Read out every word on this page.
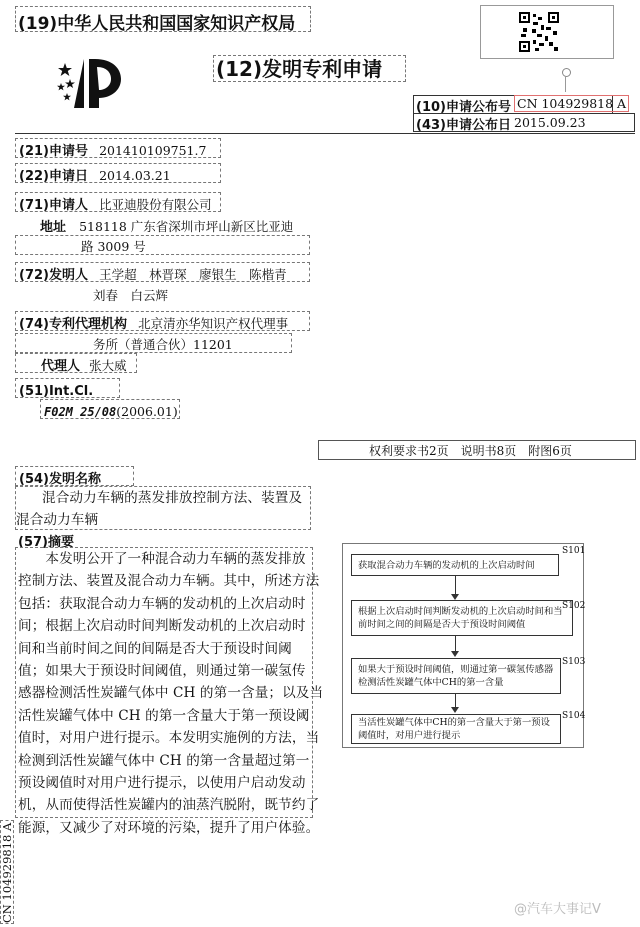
(19)中华人民共和国国家知识产权局
(12)发明专利申请
(10)申请公布号 CN 104929818 A
(43)申请公布日 2015.09.23
(21)申请号 201410109751.7
(22)申请日 2014.03.21
(71)申请人 比亚迪股份有限公司
地址 518118 广东省深圳市坪山新区比亚迪
路 3009 号
(72)发明人 王学超　林晋琛　廖银生　陈楷青
刘春　白云辉
(74)专利代理机构 北京清亦华知识产权代理事
务所（普通合伙）11201
代理人 张大威
(51)Int.Cl.
F02M 25/08(2006.01)
权利要求书2页　说明书8页　附图6页
(54)发明名称
混合动力车辆的蒸发排放控制方法、装置及
混合动力车辆
(57)摘要
　　本发明公开了一种混合动力车辆的蒸发排放
控制方法、装置及混合动力车辆。其中，所述方法
包括：获取混合动力车辆的发动机的上次启动时
间；根据上次启动时间判断发动机的上次启动时
间和当前时间之间的间隔是否大于预设时间阈
值；如果大于预设时间阈值，则通过第一碳氢传
感器检测活性炭罐气体中 CH 的第一含量；以及当
活性炭罐气体中 CH 的第一含量大于第一预设阈
值时，对用户进行提示。本发明实施例的方法，当
检测到活性炭罐气体中 CH 的第一含量超过第一
预设阈值时对用户进行提示，以使用户启动发动
机，从而使得活性炭罐内的油蒸汽脱附，既节约了
能源，又减少了对环境的污染，提升了用户体验。
获取混合动力车辆的发动机的上次启动时间
S101
根据上次启动时间判断发动机的上次启动时间和当前时间之间的间隔是否大于预设时间阈值
S102
如果大于预设时间阈值，则通过第一碳氢传感器检测活性炭罐气体中CH的第一含量
S103
当活性炭罐气体中CH的第一含量大于第一预设阈值时，对用户进行提示
S104
CN 104929818 A	@汽车大事记V
